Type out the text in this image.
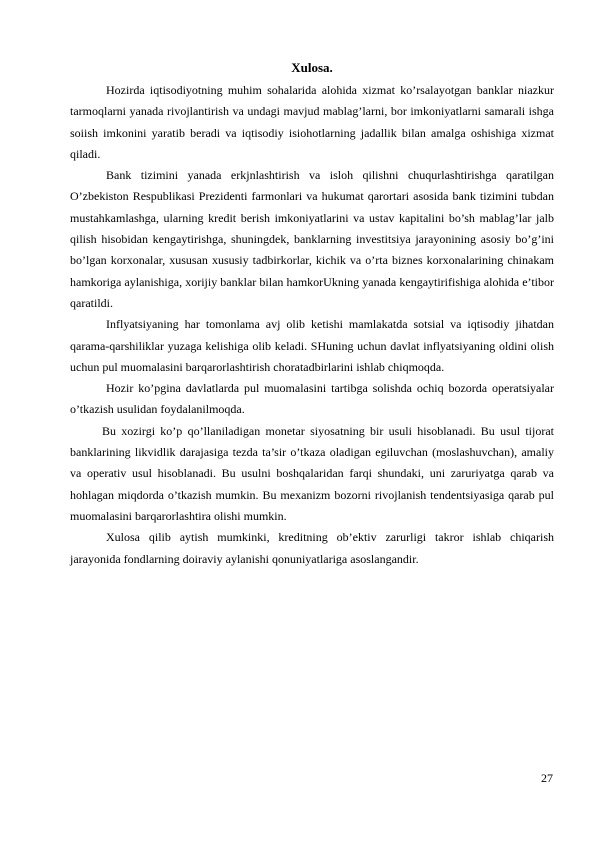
Xulosa.

Hozirda iqtisodiyotning muhim sohalarida alohida xizmat ko’rsalayotgan banklar niazkur tarmoqlarni yanada rivojlantirish va undagi mavjud mablag’larni, bor imkoniyatlarni samarali ishga soiish imkonini yaratib beradi va iqtisodiy isiohotlarning jadallik bilan amalga oshishiga xizmat qiladi.

Bank tizimini yanada erkjnlashtirish va isloh qilishni chuqurlashtirishga qaratilgan O’zbekiston Respublikasi Prezidenti farmonlari va hukumat qarortari asosida bank tizimini tubdan mustahkamlashga, ularning kredit berish imkoniyatlarini va ustav kapitalini bo’sh mablag’lar jalb qilish hisobidan kengaytirishga, shuningdek, banklarning investitsiya jarayonining asosiy bo’g’ini bo’lgan korxonalar, xususan xususiy tadbirkorlar, kichik va o’rta biznes korxonalarining chinakam hamkoriga aylanishiga, xorijiy banklar bilan hamkorUkning yanada kengaytirifishiga alohida e’tibor qaratildi.

Inflyatsiyaning har tomonlama avj olib ketishi mamlakatda sotsial va iqtisodiy jihatdan qarama-qarshiliklar yuzaga kelishiga olib keladi. SHuning uchun davlat inflyatsiyaning oldini olish uchun pul muomalasini barqarorlashtirish choratadbirlarini ishlab chiqmoqda.

Hozir ko’pgina davlatlarda pul muomalasini tartibga solishda ochiq bozorda operatsiyalar o’tkazish usulidan foydalanilmoqda.

Bu xozirgi ko’p qo’llaniladigan monetar siyosatning bir usuli hisoblanadi. Bu usul tijorat banklarining likvidlik darajasiga tezda ta’sir o’tkaza oladigan egiluvchan (moslashuvchan), amaliy va operativ usul hisoblanadi. Bu usulni boshqalaridan farqi shundaki, uni zaruriyatga qarab va hohlagan miqdorda o’tkazish mumkin. Bu mexanizm bozorni rivojlanish tendentsiyasiga qarab pul muomalasini barqarorlashtira olishi mumkin.

Xulosa qilib aytish mumkinki, kreditning ob’ektiv zarurligi takror ishlab chiqarish jarayonida fondlarning doiraviy aylanishi qonuniyatlariga asoslangandir.

27
